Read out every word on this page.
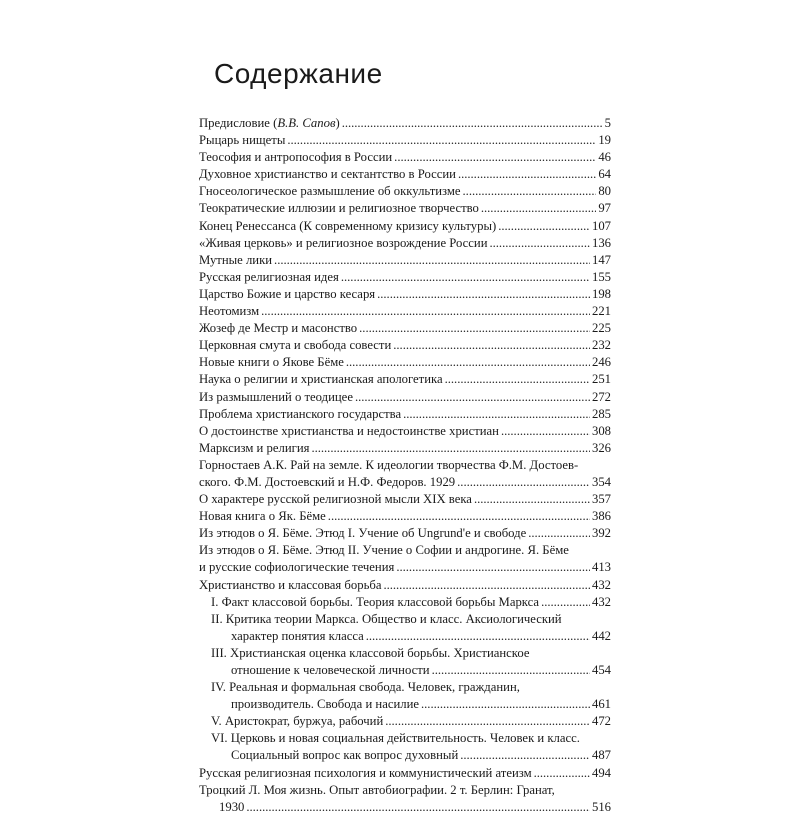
Содержание
Предисловие (В.В. Сапов) . . .	5
Рыцарь нищеты . . .	19
Теософия и антропософия в России . . .	46
Духовное христианство и сектантство в России . . .	64
Гносеологическое размышление об оккультизме . . .	80
Теократические иллюзии и религиозное творчество . . .	97
Конец Ренессанса (К современному кризису культуры) . . .	107
«Живая церковь» и религиозное возрождение России . . .	136
Мутные лики . . .	147
Русская религиозная идея . . .	155
Царство Божие и царство кесаря . . .	198
Неотомизм . . .	221
Жозеф де Местр и масонство . . .	225
Церковная смута и свобода совести . . .	232
Новые книги о Якове Бёме . . .	246
Наука о религии и христианская апологетика . . .	251
Из размышлений о теодицее . . .	272
Проблема христианского государства . . .	285
О достоинстве христианства и недостоинстве христиан . . .	308
Марксизм и религия . . .	326
Горностаев А.К. Рай на земле. К идеологии творчества Ф.М. Достоев-
ского. Ф.М. Достоевский и Н.Ф. Федоров. 1929 . . .	354
О характере русской религиозной мысли XIX века . . .	357
Новая книга о Як. Бёме . . .	386
Из этюдов о Я. Бёме. Этюд I. Учение об Ungrund'е и свободе . . .	392
Из этюдов о Я. Бёме. Этюд II. Учение о Софии и андрогине. Я. Бёме
и русские софиологические течения . . .	413
Христианство и классовая борьба . . .	432
I. Факт классовой борьбы. Теория классовой борьбы Маркса . . .	432
II. Критика теории Маркса. Общество и класс. Аксиологический
характер понятия класса . . .	442
III. Христианская оценка классовой борьбы. Христианское
отношение к человеческой личности . . .	454
IV. Реальная и формальная свобода. Человек, гражданин,
производитель. Свобода и насилие . . .	461
V. Аристократ, буржуа, рабочий . . .	472
VI. Церковь и новая социальная действительность. Человек и класс.
Социальный вопрос как вопрос духовный . . .	487
Русская религиозная психология и коммунистический атеизм . . .	494
Троцкий Л. Моя жизнь. Опыт автобиографии. 2 т. Берлин: Гранат,
1930 . . .	516
